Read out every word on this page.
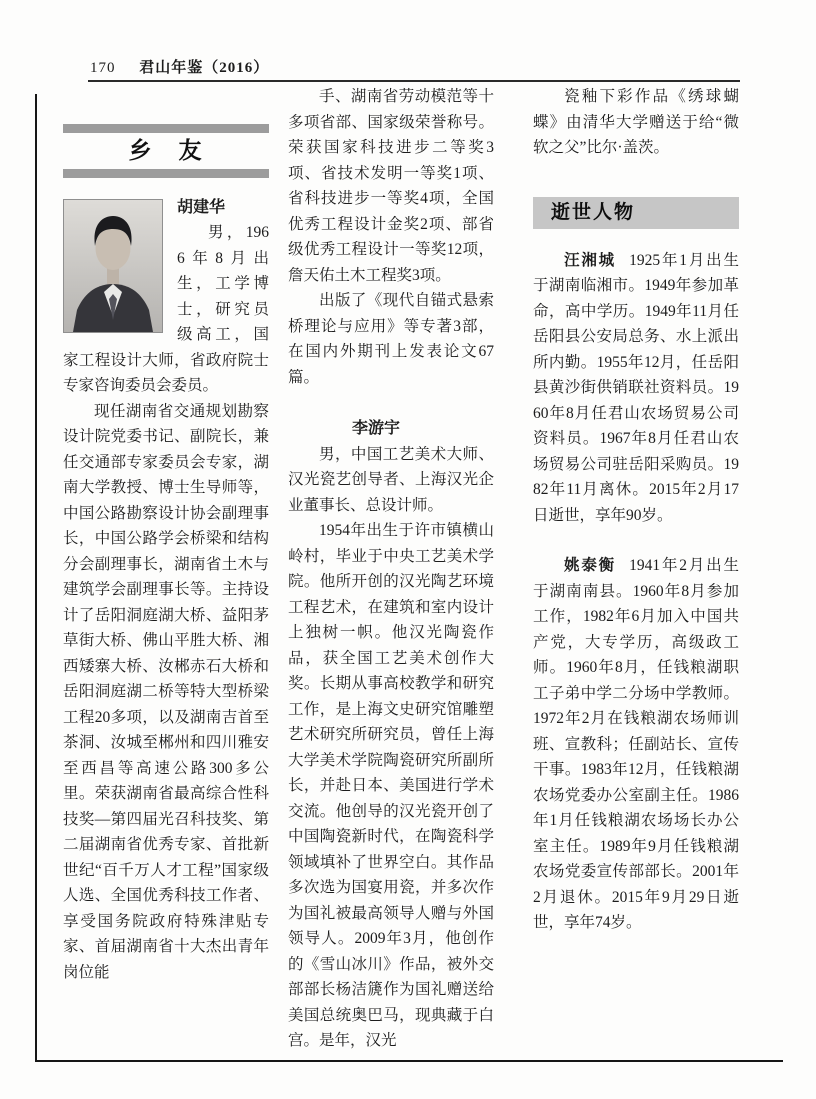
170 君山年鉴（2016）
乡　友
胡建华

男，1966年8月出生，工学博士，研究员级高工，国家工程设计大师，省政府院士专家咨询委员会委员。

现任湖南省交通规划勘察设计院党委书记、副院长，兼任交通部专家委员会专家，湖南大学教授、博士生导师等，中国公路勘察设计协会副理事长，中国公路学会桥梁和结构分会副理事长，湖南省土木与建筑学会副理事长等。主持设计了岳阳洞庭湖大桥、益阳茅草街大桥、佛山平胜大桥、湘西矮寨大桥、汝郴赤石大桥和岳阳洞庭湖二桥等特大型桥梁工程20多项，以及湖南吉首至茶洞、汝城至郴州和四川雅安至西昌等高速公路300多公里。荣获湖南省最高综合性科技奖—第四届光召科技奖、第二届湖南省优秀专家、首批新世纪“百千万人才工程”国家级人选、全国优秀科技工作者、享受国务院政府特殊津贴专家、首届湖南省十大杰出青年岗位能

手、湖南省劳动模范等十多项省部、国家级荣誉称号。荣获国家科技进步二等奖3项、省技术发明一等奖1项、省科技进步一等奖4项，全国优秀工程设计金奖2项、部省级优秀工程设计一等奖12项，詹天佑土木工程奖3项。

出版了《现代自锚式悬索桥理论与应用》等专著3部，在国内外期刊上发表论文67篇。

李游宇

男，中国工艺美术大师、汉光瓷艺创导者、上海汉光企业董事长、总设计师。

1954年出生于许市镇横山岭村，毕业于中央工艺美术学院。他所开创的汉光陶艺环境工程艺术，在建筑和室内设计上独树一帜。他汉光陶瓷作品，获全国工艺美术创作大奖。长期从事高校教学和研究工作，是上海文史研究馆雕塑艺术研究所研究员，曾任上海大学美术学院陶瓷研究所副所长，并赴日本、美国进行学术交流。他创导的汉光瓷开创了中国陶瓷新时代，在陶瓷科学领域填补了世界空白。其作品多次选为国宴用瓷，并多次作为国礼被最高领导人赠与外国领导人。2009年3月，他创作的《雪山冰川》作品，被外交部部长杨洁篪作为国礼赠送给美国总统奥巴马，现典藏于白宫。是年，汉光

瓷釉下彩作品《绣球蝴蝶》由清华大学赠送于给“微软之父”比尔·盖茨。

逝世人物

汪湘城 1925年1月出生于湖南临湘市。1949年参加革命，高中学历。1949年11月任岳阳县公安局总务、水上派出所内勤。1955年12月，任岳阳县黄沙街供销联社资料员。1960年8月任君山农场贸易公司资料员。1967年8月任君山农场贸易公司驻岳阳采购员。1982年11月离休。2015年2月17日逝世，享年90岁。

姚泰衡 1941年2月出生于湖南南县。1960年8月参加工作，1982年6月加入中国共产党，大专学历，高级政工师。1960年8月，任钱粮湖职工子弟中学二分场中学教师。1972年2月在钱粮湖农场师训班、宣教科；任副站长、宣传干事。1983年12月，任钱粮湖农场党委办公室副主任。1986年1月任钱粮湖农场场长办公室主任。1989年9月任钱粮湖农场党委宣传部部长。2001年2月退休。2015年9月29日逝世，享年74岁。
